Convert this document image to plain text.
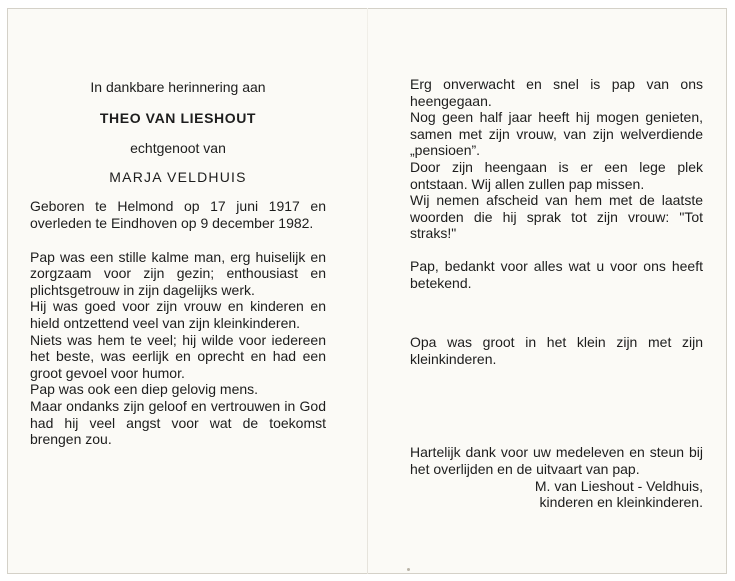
In dankbare herinnering aan

THEO VAN LIESHOUT

echtgenoot van

MARJA VELDHUIS

Geboren te Helmond op 17 juni 1917 en overleden te Eindhoven op 9 december 1982.

Pap was een stille kalme man, erg huiselijk en zorgzaam voor zijn gezin; enthousiast en plichtsgetrouw in zijn dagelijks werk.

Hij was goed voor zijn vrouw en kinderen en hield ontzettend veel van zijn kleinkinderen.

Niets was hem te veel; hij wilde voor iedereen het beste, was eerlijk en oprecht en had een groot gevoel voor humor.

Pap was ook een diep gelovig mens.

Maar ondanks zijn geloof en vertrouwen in God had hij veel angst voor wat de toekomst brengen zou.

Erg onverwacht en snel is pap van ons heengegaan.

Nog geen half jaar heeft hij mogen genieten, samen met zijn vrouw, van zijn welverdiende „pensioen”.

Door zijn heengaan is er een lege plek ontstaan. Wij allen zullen pap missen.

Wij nemen afscheid van hem met de laatste woorden die hij sprak tot zijn vrouw: "Tot straks!"

Pap, bedankt voor alles wat u voor ons heeft betekend.

Opa was groot in het klein zijn met zijn kleinkinderen.

Hartelijk dank voor uw medeleven en steun bij het overlijden en de uitvaart van pap.

M. van Lieshout - Veldhuis,

kinderen en kleinkinderen.
